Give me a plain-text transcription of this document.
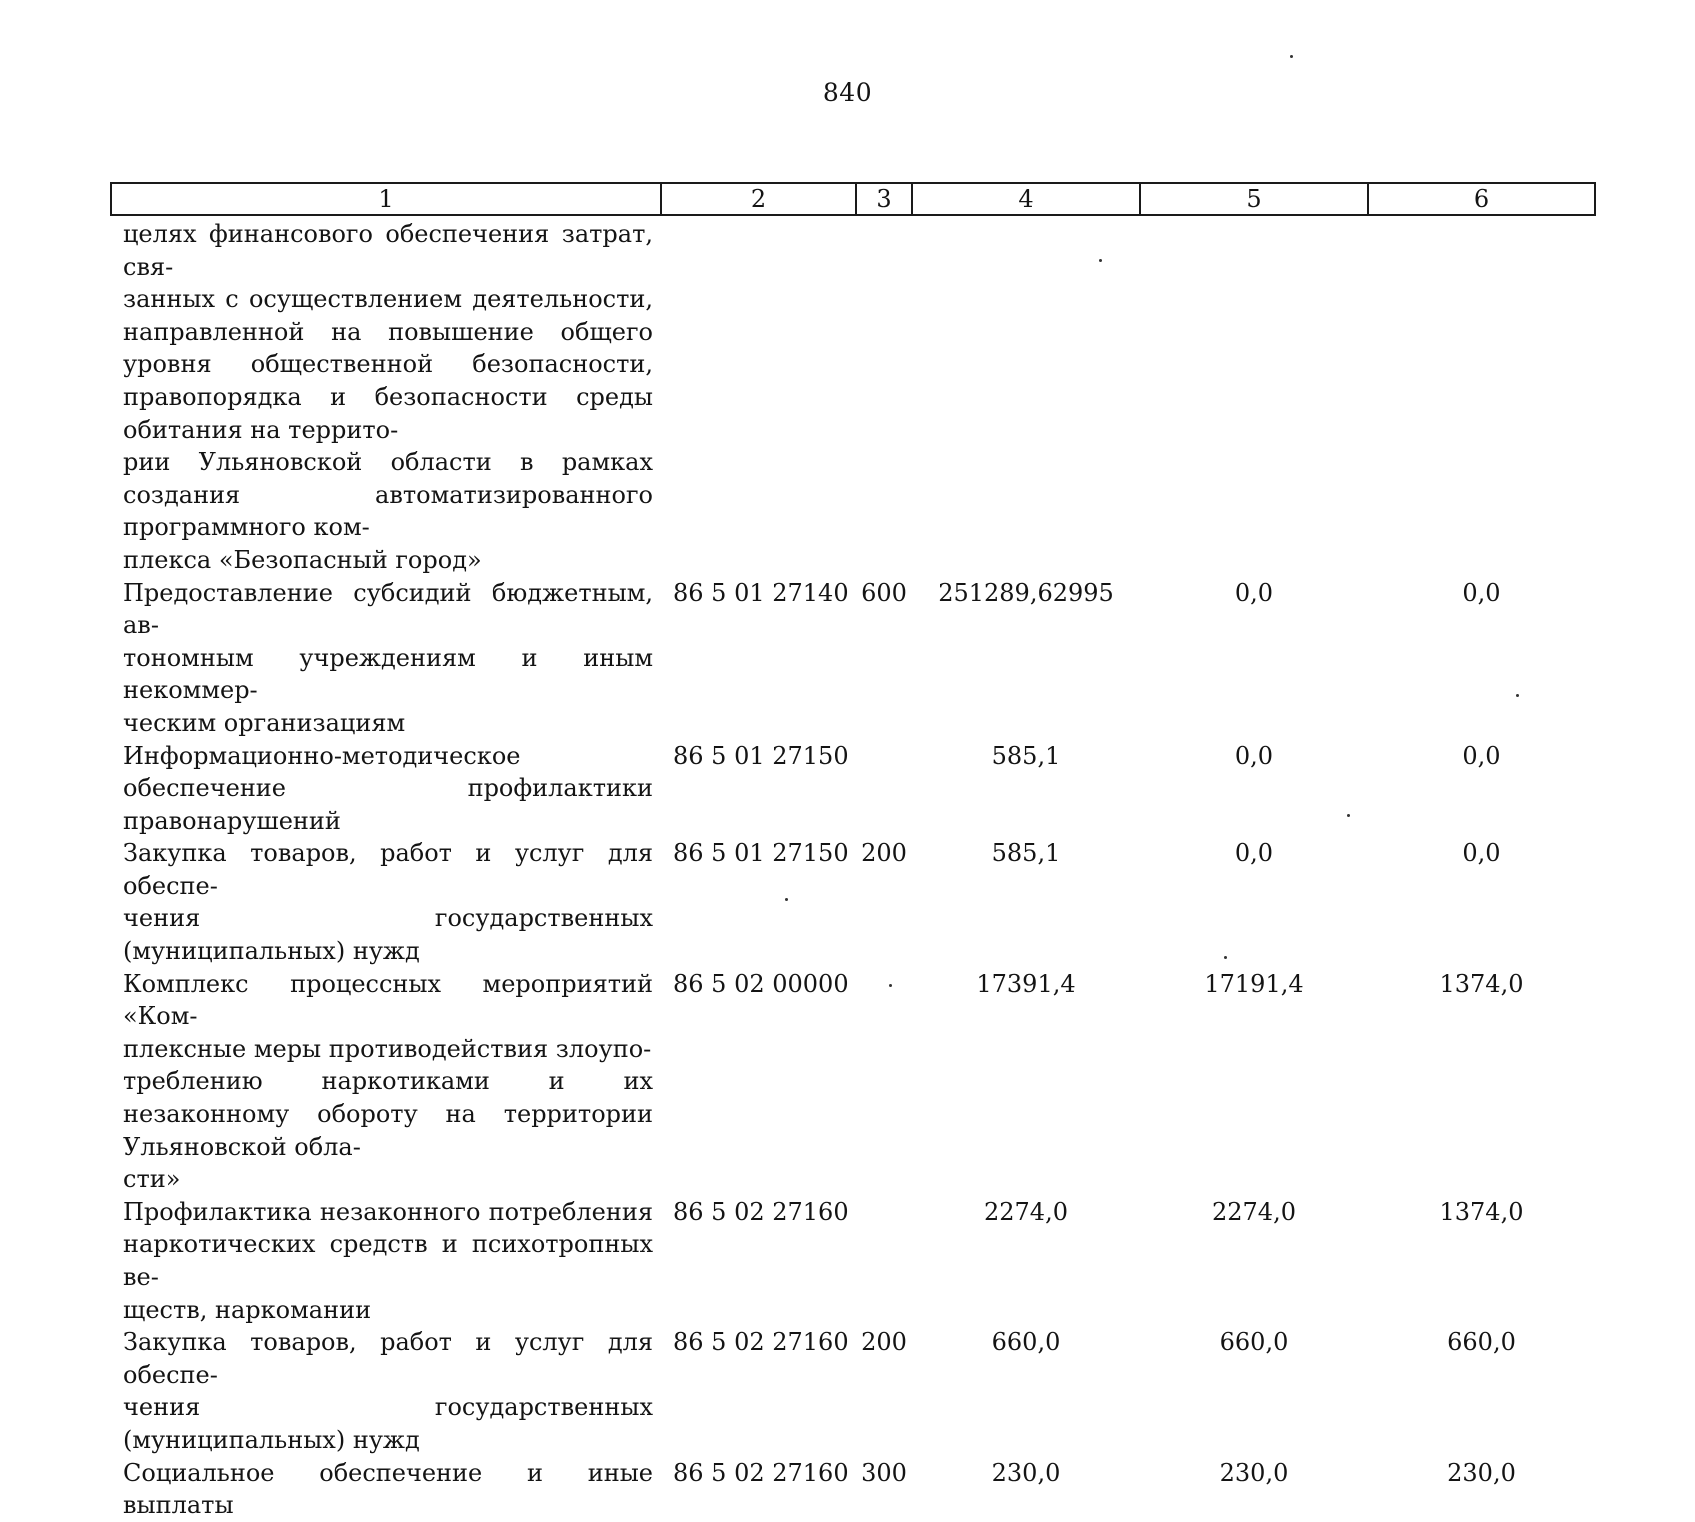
840
1	2	3	4	5	6
целях финансового обеспечения затрат, свя-
занных с осуществлением деятельности, направленной на повышение общего уровня общественной безопасности, правопорядка и безопасности среды обитания на террито-
рии Ульяновской области в рамках создания автоматизированного программного ком-
плекса «Безопасный город»					
Предоставление субсидий бюджетным, ав-
тономным учреждениям и иным некоммер-
ческим организациям	86 5 01 27140	600	251289,62995	0,0	0,0
Информационно-методическое обеспечение профилактики правонарушений	86 5 01 27150		585,1	0,0	0,0
Закупка товаров, работ и услуг для обеспе-
чения государственных (муниципальных) нужд	86 5 01 27150	200	585,1	0,0	0,0
Комплекс процессных мероприятий «Ком-
плексные меры противодействия злоупо-
треблению наркотиками и их незаконному обороту на территории Ульяновской обла-
сти»	86 5 02 00000		17391,4	17191,4	1374,0
Профилактика незаконного потребления наркотических средств и психотропных ве-
ществ, наркомании	86 5 02 27160		2274,0	2274,0	1374,0
Закупка товаров, работ и услуг для обеспе-
чения государственных (муниципальных) нужд	86 5 02 27160	200	660,0	660,0	660,0
Социальное обеспечение и иные выплаты	86 5 02 27160	300	230,0	230,0	230,0
